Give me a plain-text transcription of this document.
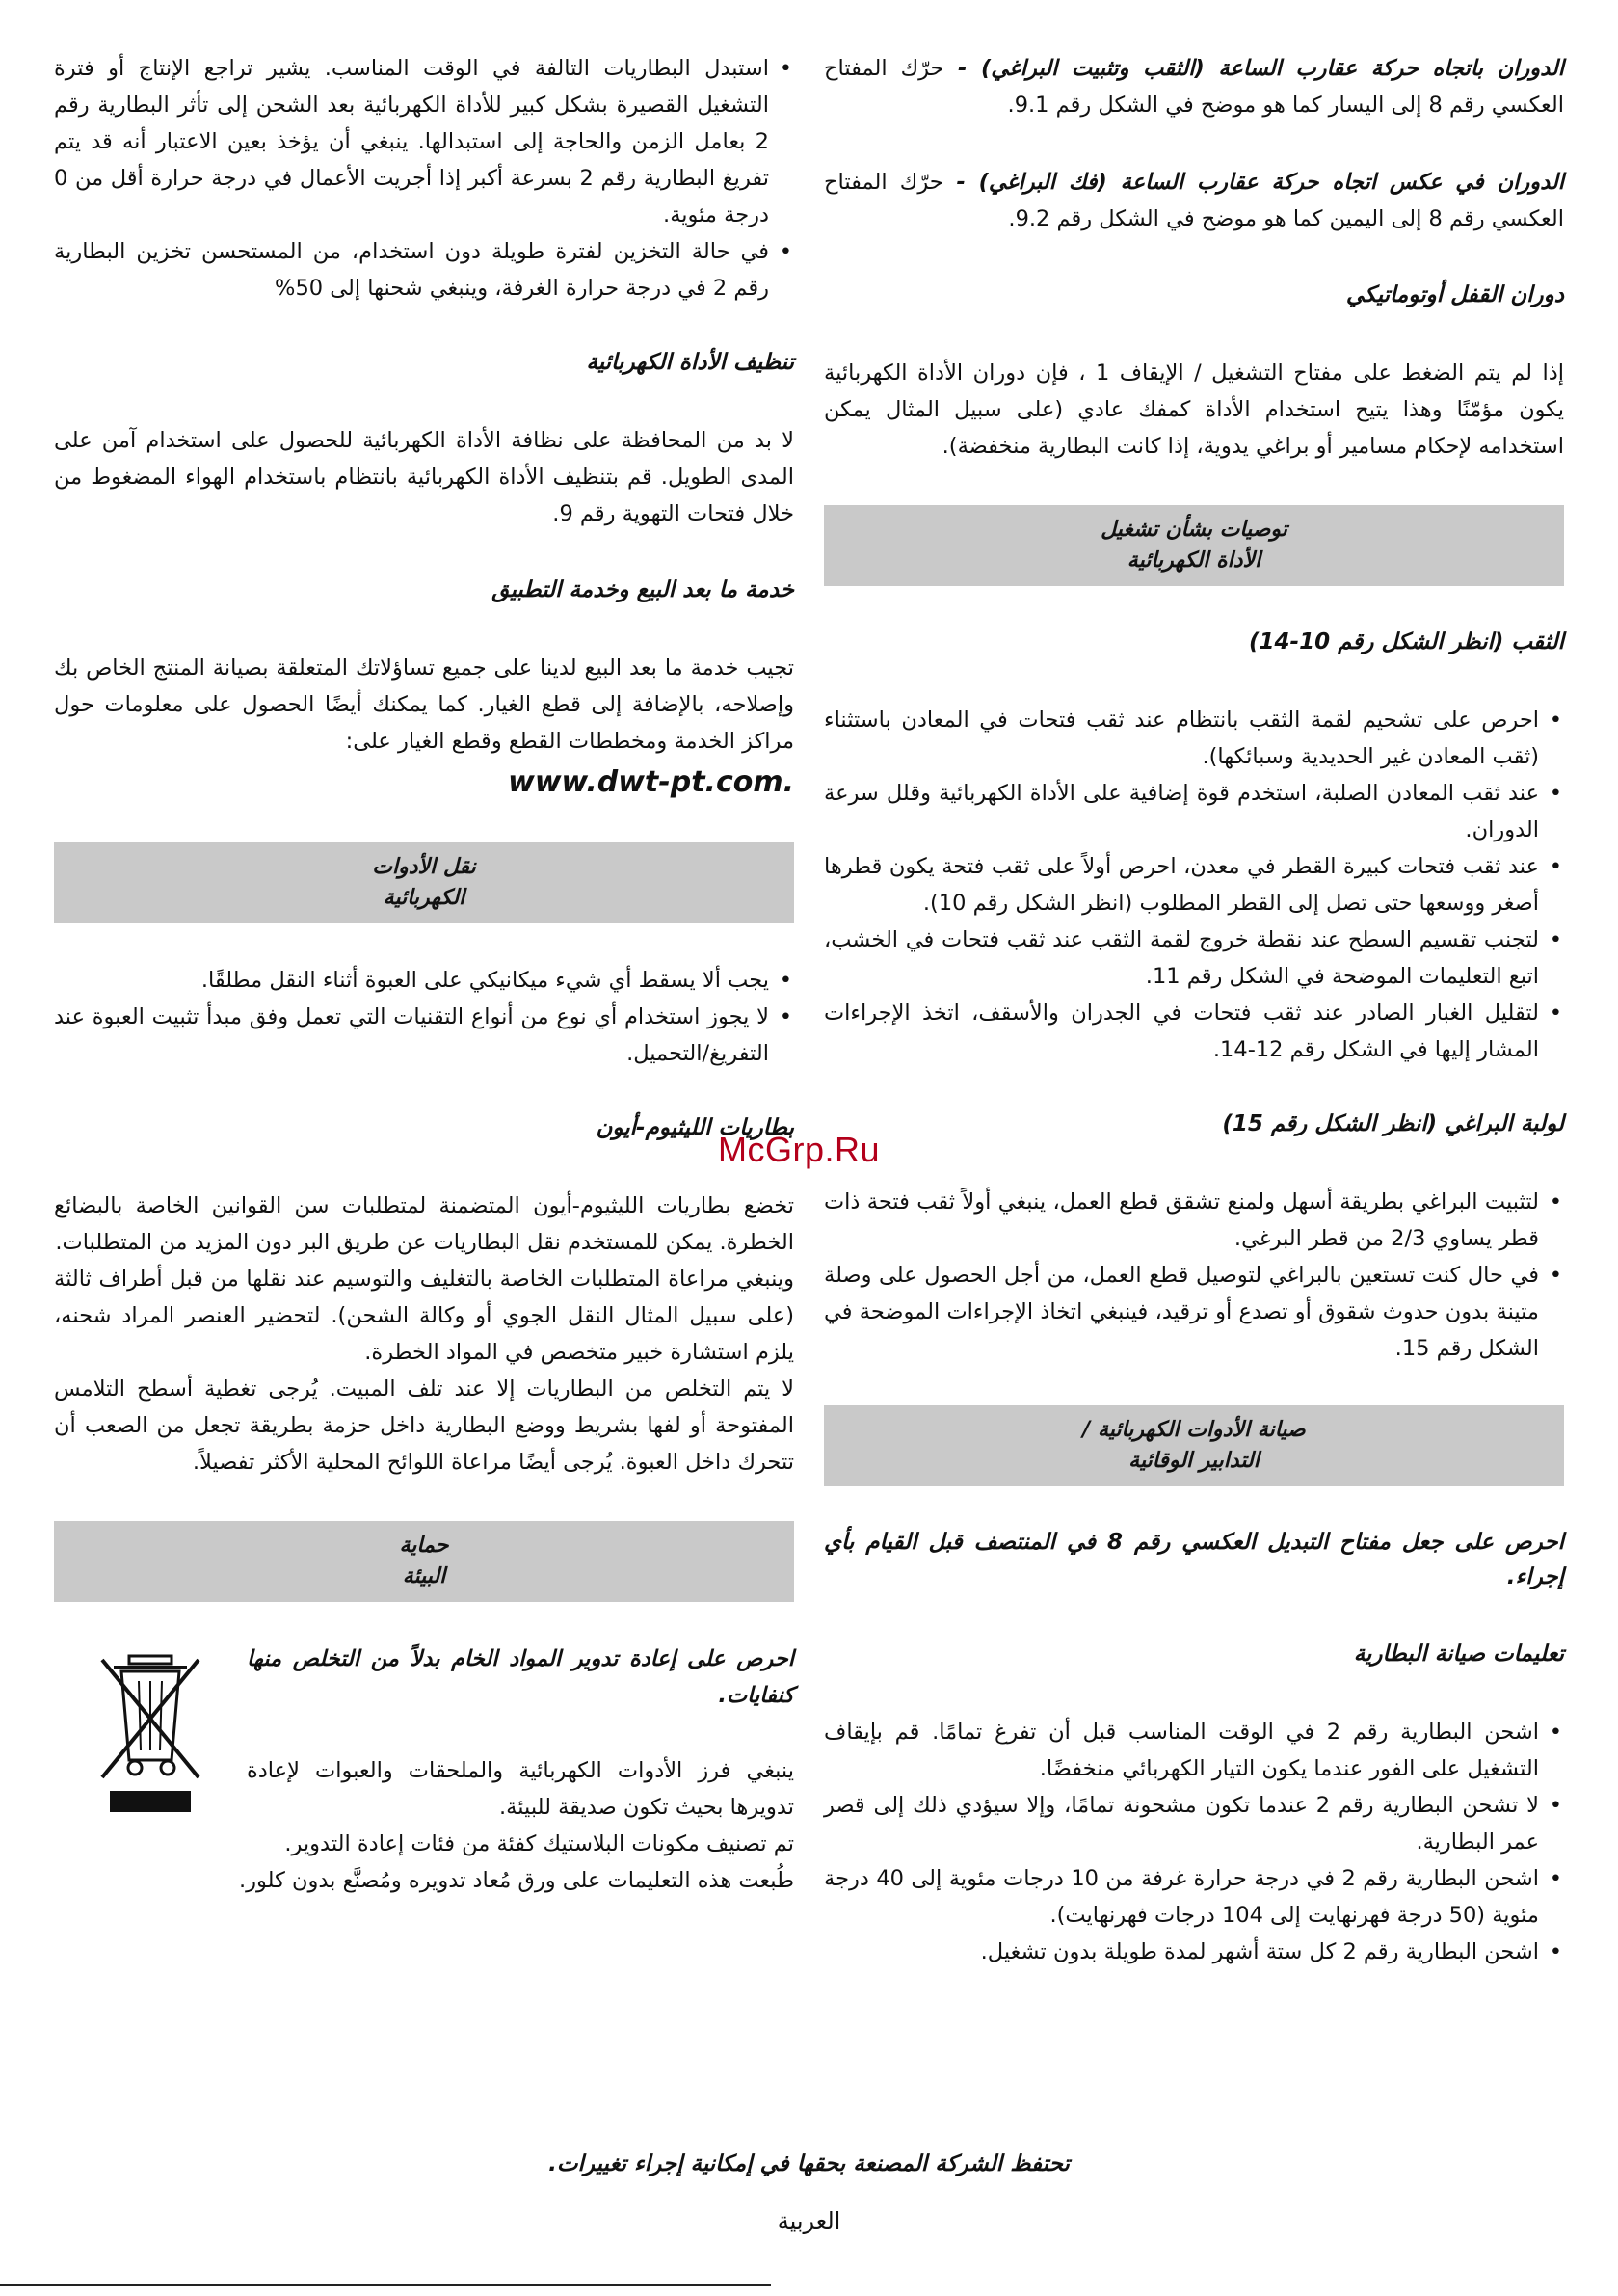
الدوران باتجاه حركة عقارب الساعة (الثقب وتثبيت البراغي) - حرّك المفتاح العكسي رقم 8 إلى اليسار كما هو موضح في الشكل رقم 9.1.

الدوران في عكس اتجاه حركة عقارب الساعة (فك البراغي) - حرّك المفتاح العكسي رقم 8 إلى اليمين كما هو موضح في الشكل رقم 9.2.

دوران القفل أوتوماتيكي

إذا لم يتم الضغط على مفتاح التشغيل / الإيقاف 1 ، فإن دوران الأداة الكهربائية يكون مؤمّنًا وهذا يتيح استخدام الأداة كمفك عادي (على سبيل المثال يمكن استخدامه لإحكام مسامير أو براغي يدوية، إذا كانت البطارية منخفضة).

توصيات بشأن تشغيل
الأداة الكهربائية
الثقب (انظر الشكل رقم 10-14)

• احرص على تشحيم لقمة الثقب بانتظام عند ثقب فتحات في المعادن باستثناء (ثقب المعادن غير الحديدية وسبائكها).

• عند ثقب المعادن الصلبة، استخدم قوة إضافية على الأداة الكهربائية وقلل سرعة الدوران.

• عند ثقب فتحات كبيرة القطر في معدن، احرص أولاً على ثقب فتحة يكون قطرها أصغر ووسعها حتى تصل إلى القطر المطلوب (انظر الشكل رقم 10).

• لتجنب تقسيم السطح عند نقطة خروج لقمة الثقب عند ثقب فتحات في الخشب، اتبع التعليمات الموضحة في الشكل رقم 11.

• لتقليل الغبار الصادر عند ثقب فتحات في الجدران والأسقف، اتخذ الإجراءات المشار إليها في الشكل رقم 12-14.

لولبة البراغي (انظر الشكل رقم 15)

• لتثبيت البراغي بطريقة أسهل ولمنع تشقق قطع العمل، ينبغي أولاً ثقب فتحة ذات قطر يساوي 2/3 من قطر البرغي.

• في حال كنت تستعين بالبراغي لتوصيل قطع العمل، من أجل الحصول على وصلة متينة بدون حدوث شقوق أو تصدع أو ترقيد، فينبغي اتخاذ الإجراءات الموضحة في الشكل رقم 15.

صيانة الأدوات الكهربائية /
التدابير الوقائية
احرص على جعل مفتاح التبديل العكسي رقم 8 في المنتصف قبل القيام بأي إجراء.
تعليمات صيانة البطارية

• اشحن البطارية رقم 2 في الوقت المناسب قبل أن تفرغ تمامًا. قم بإيقاف التشغيل على الفور عندما يكون التيار الكهربائي منخفضًا.

• لا تشحن البطارية رقم 2 عندما تكون مشحونة تمامًا، وإلا سيؤدي ذلك إلى قصر عمر البطارية.

• اشحن البطارية رقم 2 في درجة حرارة غرفة من 10 درجات مئوية إلى 40 درجة مئوية (50 درجة فهرنهايت إلى 104 درجات فهرنهايت).

• اشحن البطارية رقم 2 كل ستة أشهر لمدة طويلة بدون تشغيل.

• استبدل البطاريات التالفة في الوقت المناسب. يشير تراجع الإنتاج أو فترة التشغيل القصيرة بشكل كبير للأداة الكهربائية بعد الشحن إلى تأثر البطارية رقم 2 بعامل الزمن والحاجة إلى استبدالها. ينبغي أن يؤخذ بعين الاعتبار أنه قد يتم تفريغ البطارية رقم 2 بسرعة أكبر إذا أجريت الأعمال في درجة حرارة أقل من 0 درجة مئوية.

• في حالة التخزين لفترة طويلة دون استخدام، من المستحسن تخزين البطارية رقم 2 في درجة حرارة الغرفة، وينبغي شحنها إلى 50%

تنظيف الأداة الكهربائية

لا بد من المحافظة على نظافة الأداة الكهربائية للحصول على استخدام آمن على المدى الطويل. قم بتنظيف الأداة الكهربائية بانتظام باستخدام الهواء المضغوط من خلال فتحات التهوية رقم 9.

خدمة ما بعد البيع وخدمة التطبيق

تجيب خدمة ما بعد البيع لدينا على جميع تساؤلاتك المتعلقة بصيانة المنتج الخاص بك وإصلاحه، بالإضافة إلى قطع الغيار. كما يمكنك أيضًا الحصول على معلومات حول مراكز الخدمة ومخططات القطع وقطع الغيار على:

www.dwt-pt.com.
نقل الأدوات
الكهربائية

• يجب ألا يسقط أي شيء ميكانيكي على العبوة أثناء النقل مطلقًا.

• لا يجوز استخدام أي نوع من أنواع التقنيات التي تعمل وفق مبدأ تثبيت العبوة عند التفريغ/التحميل.

بطاريات الليثيوم-أيون

تخضع بطاريات الليثيوم-أيون المتضمنة لمتطلبات سن القوانين الخاصة بالبضائع الخطرة. يمكن للمستخدم نقل البطاريات عن طريق البر دون المزيد من المتطلبات.

وينبغي مراعاة المتطلبات الخاصة بالتغليف والتوسيم عند نقلها من قبل أطراف ثالثة (على سبيل المثال النقل الجوي أو وكالة الشحن). لتحضير العنصر المراد شحنه، يلزم استشارة خبير متخصص في المواد الخطرة.

لا يتم التخلص من البطاريات إلا عند تلف المبيت. يُرجى تغطية أسطح التلامس المفتوحة أو لفها بشريط ووضع البطارية داخل حزمة بطريقة تجعل من الصعب أن تتحرك داخل العبوة. يُرجى أيضًا مراعاة اللوائح المحلية الأكثر تفصيلاً.

حماية
البيئة

احرص على إعادة تدوير المواد الخام بدلاً من التخلص منها كنفايات.

ينبغي فرز الأدوات الكهربائية والملحقات والعبوات لإعادة تدويرها بحيث تكون صديقة للبيئة.

تم تصنيف مكونات البلاستيك كفئة من فئات إعادة التدوير.

طُبعت هذه التعليمات على ورق مُعاد تدويره ومُصنَّع بدون كلور.

McGrp.Ru
تحتفظ الشركة المصنعة بحقها في إمكانية إجراء تغييرات.
العربية
